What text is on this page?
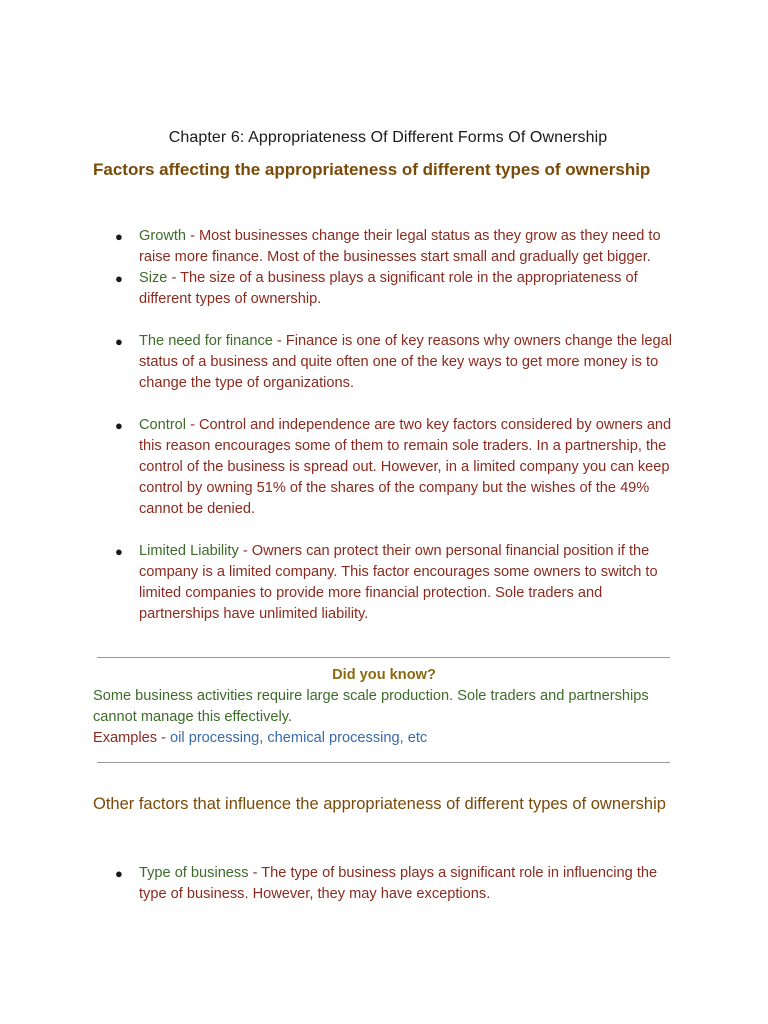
Chapter 6: Appropriateness Of Different Forms Of Ownership
Factors affecting the appropriateness of different types of ownership
● Growth - Most businesses change their legal status as they grow as they need to raise more finance. Most of the businesses start small and gradually get bigger.
● Size - The size of a business plays a significant role in the appropriateness of different types of ownership.
● The need for finance - Finance is one of key reasons why owners change the legal status of a business and quite often one of the key ways to get more money is to change the type of organizations.
● Control - Control and independence are two key factors considered by owners and this reason encourages some of them to remain sole traders. In a partnership, the control of the business is spread out. However, in a limited company you can keep control by owning 51% of the shares of the company but the wishes of the 49% cannot be denied.
● Limited Liability - Owners can protect their own personal financial position if the company is a limited company. This factor encourages some owners to switch to limited companies to provide more financial protection. Sole traders and partnerships have unlimited liability.
Did you know?
Some business activities require large scale production. Sole traders and partnerships cannot manage this effectively.
Examples - oil processing, chemical processing, etc
Other factors that influence the appropriateness of different types of ownership
● Type of business - The type of business plays a significant role in influencing the type of business. However, they may have exceptions.
